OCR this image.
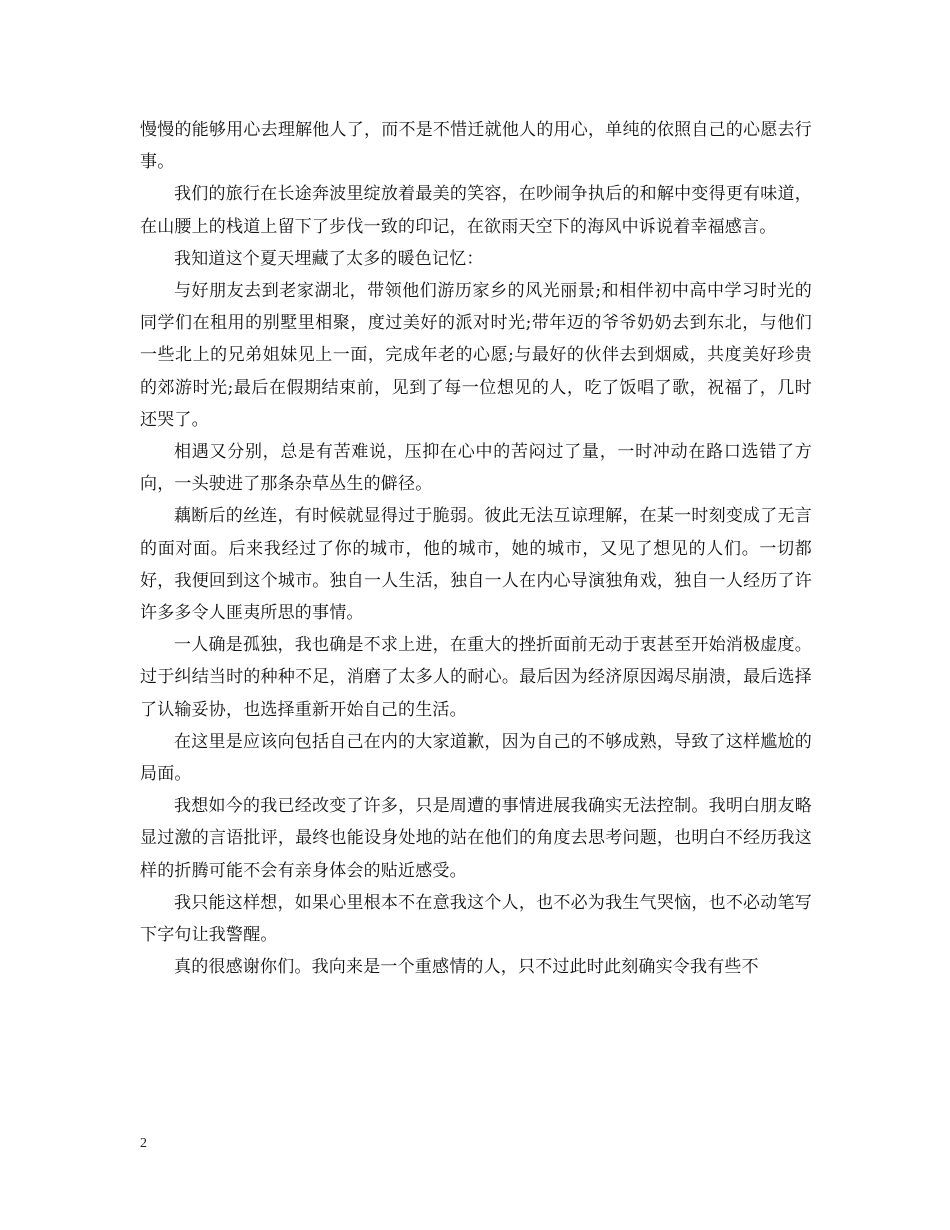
慢慢的能够用心去理解他人了，而不是不惜迁就他人的用心，单纯的依照自己的心愿去行事。

我们的旅行在长途奔波里绽放着最美的笑容，在吵闹争执后的和解中变得更有味道，在山腰上的栈道上留下了步伐一致的印记，在欲雨天空下的海风中诉说着幸福感言。

我知道这个夏天埋藏了太多的暖色记忆：

与好朋友去到老家湖北，带领他们游历家乡的风光丽景;和相伴初中高中学习时光的同学们在租用的别墅里相聚，度过美好的派对时光;带年迈的爷爷奶奶去到东北，与他们一些北上的兄弟姐妹见上一面，完成年老的心愿;与最好的伙伴去到烟威，共度美好珍贵的郊游时光;最后在假期结束前，见到了每一位想见的人，吃了饭唱了歌，祝福了，几时还哭了。

相遇又分别，总是有苦难说，压抑在心中的苦闷过了量，一时冲动在路口选错了方向，一头驶进了那条杂草丛生的僻径。

藕断后的丝连，有时候就显得过于脆弱。彼此无法互谅理解，在某一时刻变成了无言的面对面。后来我经过了你的城市，他的城市，她的城市，又见了想见的人们。一切都好，我便回到这个城市。独自一人生活，独自一人在内心导演独角戏，独自一人经历了许许多多令人匪夷所思的事情。

一人确是孤独，我也确是不求上进，在重大的挫折面前无动于衷甚至开始消极虚度。过于纠结当时的种种不足，消磨了太多人的耐心。最后因为经济原因竭尽崩溃，最后选择了认输妥协，也选择重新开始自己的生活。

在这里是应该向包括自己在内的大家道歉，因为自己的不够成熟，导致了这样尴尬的局面。

我想如今的我已经改变了许多，只是周遭的事情进展我确实无法控制。我明白朋友略显过激的言语批评，最终也能设身处地的站在他们的角度去思考问题，也明白不经历我这样的折腾可能不会有亲身体会的贴近感受。

我只能这样想，如果心里根本不在意我这个人，也不必为我生气哭恼，也不必动笔写下字句让我警醒。

真的很感谢你们。我向来是一个重感情的人，只不过此时此刻确实令我有些不

2
